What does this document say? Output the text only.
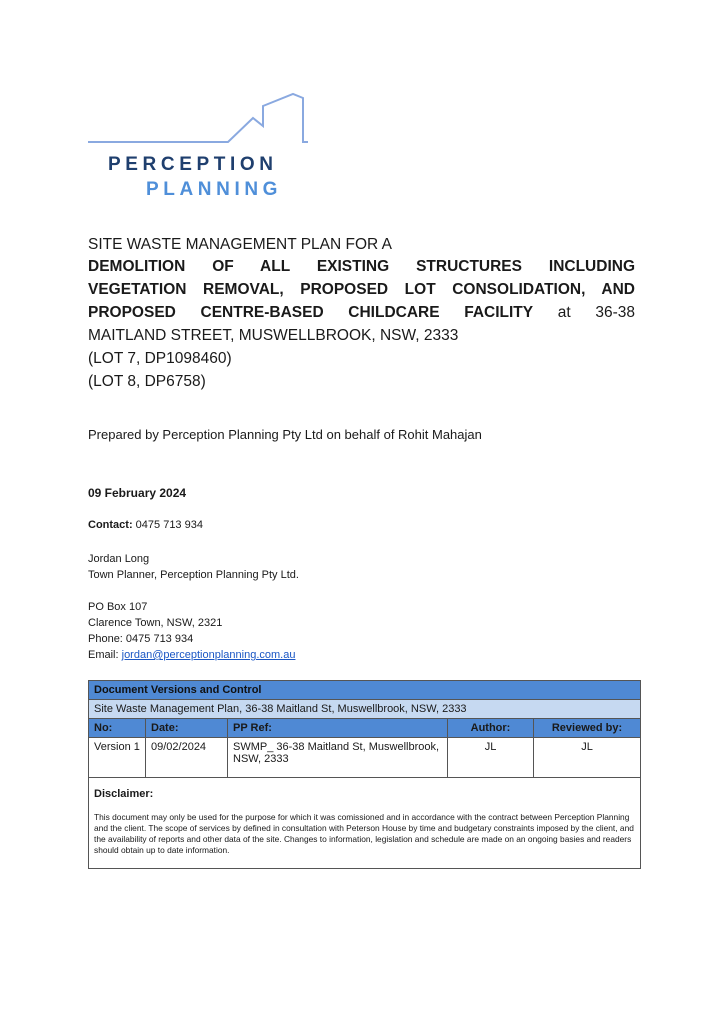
PERCEPTION
PLANNING
SITE WASTE MANAGEMENT PLAN FOR A
DEMOLITION OF ALL EXISTING STRUCTURES INCLUDING
VEGETATION REMOVAL, PROPOSED LOT CONSOLIDATION, AND
PROPOSED CENTRE-BASED CHILDCARE FACILITY at 36-38
MAITLAND STREET, MUSWELLBROOK, NSW, 2333
(LOT 7, DP1098460)
(LOT 8, DP6758)
Prepared by Perception Planning Pty Ltd on behalf of Rohit Mahajan
09 February 2024
Contact: 0475 713 934
Jordan Long
Town Planner, Perception Planning Pty Ltd.
PO Box 107
Clarence Town, NSW, 2321
Phone: 0475 713 934
Email: jordan@perceptionplanning.com.au
Document Versions and Control				
Site Waste Management Plan, 36-38 Maitland St, Muswellbrook, NSW, 2333				
No:	Date:	PP Ref:	Author:	Reviewed by:
Version 1	09/02/2024	SWMP_ 36-38 Maitland St, Muswellbrook, NSW, 2333	JL	JL

Disclaimer:
This document may only be used for the purpose for which it was comissioned and in accordance with the contract between Perception Planning and the client. The scope of services by defined in consultation with Peterson House by time and budgetary constraints imposed by the client, and the availability of reports and other data of the site. Changes to information, legislation and schedule are made on an ongoing basies and readers should obtain up to date information.				
